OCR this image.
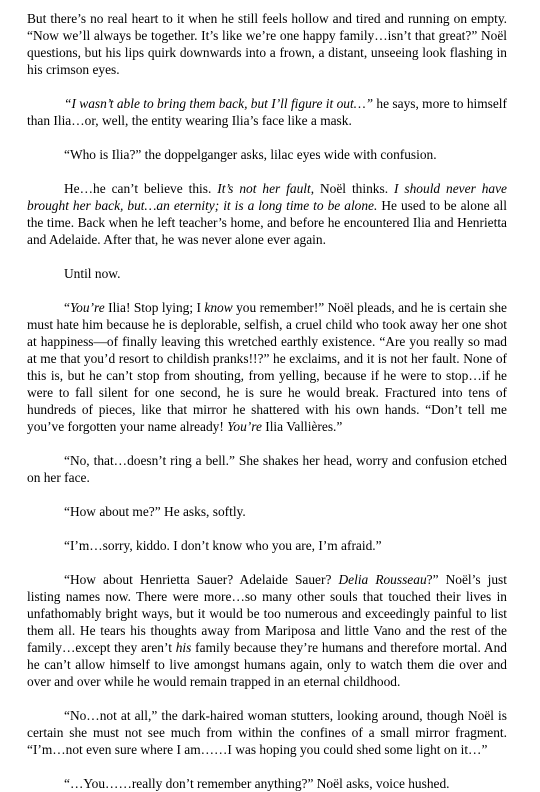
But there’s no real heart to it when he still feels hollow and tired and running on empty. “Now we’ll always be together. It’s like we’re one happy family…isn’t that great?” Noël questions, but his lips quirk downwards into a frown, a distant, unseeing look flashing in his crimson eyes.

“I wasn’t able to bring them back, but I’ll figure it out…” he says, more to himself than Ilia…or, well, the entity wearing Ilia’s face like a mask.

“Who is Ilia?” the doppelganger asks, lilac eyes wide with confusion.

He…he can’t believe this. It’s not her fault, Noël thinks. I should never have brought her back, but…an eternity; it is a long time to be alone. He used to be alone all the time. Back when he left teacher’s home, and before he encountered Ilia and Henrietta and Adelaide. After that, he was never alone ever again.

Until now.

“You’re Ilia! Stop lying; I know you remember!” Noël pleads, and he is certain she must hate him because he is deplorable, selfish, a cruel child who took away her one shot at happiness—of finally leaving this wretched earthly existence. “Are you really so mad at me that you’d resort to childish pranks!!?” he exclaims, and it is not her fault. None of this is, but he can’t stop from shouting, from yelling, because if he were to stop…if he were to fall silent for one second, he is sure he would break. Fractured into tens of hundreds of pieces, like that mirror he shattered with his own hands. “Don’t tell me you’ve forgotten your name already! You’re Ilia Vallières.”

“No, that…doesn’t ring a bell.” She shakes her head, worry and confusion etched on her face.

“How about me?” He asks, softly.

“I’m…sorry, kiddo. I don’t know who you are, I’m afraid.”

“How about Henrietta Sauer? Adelaide Sauer? Delia Rousseau?” Noël’s just listing names now. There were more…so many other souls that touched their lives in unfathomably bright ways, but it would be too numerous and exceedingly painful to list them all. He tears his thoughts away from Mariposa and little Vano and the rest of the family…except they aren’t his family because they’re humans and therefore mortal. And he can’t allow himself to live amongst humans again, only to watch them die over and over and over while he would remain trapped in an eternal childhood.

“No…not at all,” the dark-haired woman stutters, looking around, though Noël is certain she must not see much from within the confines of a small mirror fragment. “I’m…not even sure where I am……I was hoping you could shed some light on it…”

“…You……really don’t remember anything?” Noël asks, voice hushed.
